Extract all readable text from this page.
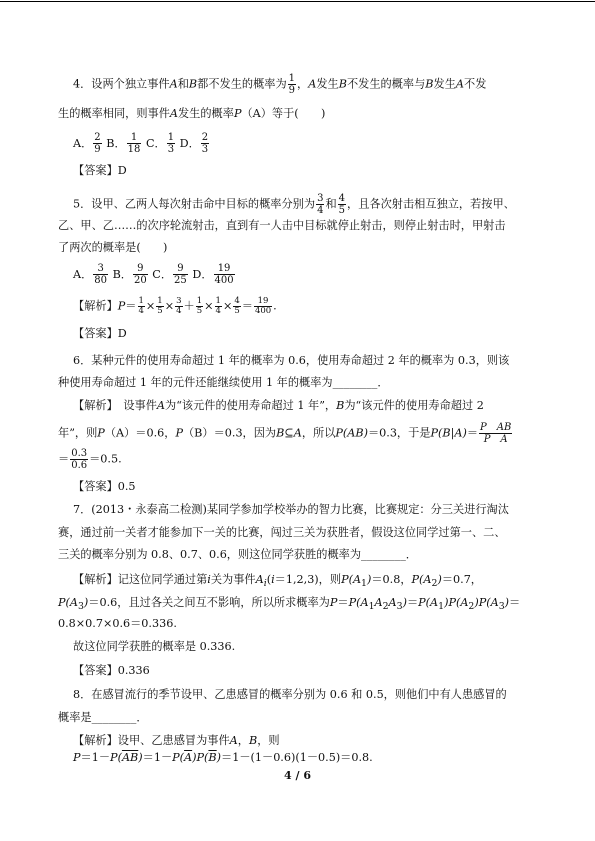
4．设两个独立事件A和B都不发生的概率为 $\frac{1}{9}$ ，A发生B不发生的概率与B发生A不发
生的概率相同，则事件A发生的概率P（A）等于(　　)
A． $\frac{2}{9}$ B． $\frac{1}{18}$ C． $\frac{1}{3}$ D． $\frac{2}{3}$
【答案】D
5．设甲、乙两人每次射击命中目标的概率分别为 $\frac{3}{4}$ 和 $\frac{4}{5}$ ，且各次射击相互独立，若按甲、
乙、甲、乙……的次序轮流射击，直到有一人击中目标就停止射击，则停止射击时，甲射击
了两次的概率是(　　)
A． $\frac{3}{80}$ B． $\frac{9}{20}$ C． $\frac{9}{25}$ D． $\frac{19}{400}$
【解析】$P= \frac{1}{4} \times \frac{1}{5} \times \frac{3}{4} + \frac{1}{5} \times \frac{1}{4} \times \frac{4}{5} = \frac{19}{400}$ .
【答案】D
6．某种元件的使用寿命超过 1 年的概率为 0.6，使用寿命超过 2 年的概率为 0.3，则该
种使用寿命超过 1 年的元件还能继续使用 1 年的概率为________．
【解析】　设事件A为“该元件的使用寿命超过 1 年”，B为“该元件的使用寿命超过 2
年”，则P（A）＝0.6，P（B）＝0.3，因为B⊆A，所以P(AB)＝0.3，于是$P(B|A)= \frac{\text{P　AB}}{\text{P　A}}$
＝ $\frac{0.3}{0.6} =0.5$.
【答案】0.5
7．(2013・永泰高二检测)某同学参加学校举办的智力比赛，比赛规定：分三关进行淘汰
赛，通过前一关者才能参加下一关的比赛，闯过三关为获胜者，假设这位同学过第一、二、
三关的概率分别为 0.8、0.7、0.6，则这位同学获胜的概率为________．
【解析】记这位同学通过第i关为事件$A_i(i=1,2,3)$，则$P(A_1)=0.8$，$P(A_2)=0.7$，
$P(A_3)=0.6$，且过各关之间互不影响，所以所求概率为$P=P(A_1A_2A_3)=P(A_1)P(A_2)P(A_3)=$
0.8×0.7×0.6＝0.336.
故这位同学获胜的概率是 0.336.
【答案】0.336
8．在感冒流行的季节设甲、乙患感冒的概率分别为 0.6 和 0.5，则他们中有人患感冒的
概率是________．
【解析】设甲、乙患感冒为事件A，B，则
$P=1-P(\overline{A}\overline{B})=1-P(\overline{A})P(\overline{B})=1-(1-0.6)(1-0.5)=0.8$.
4 / 6
